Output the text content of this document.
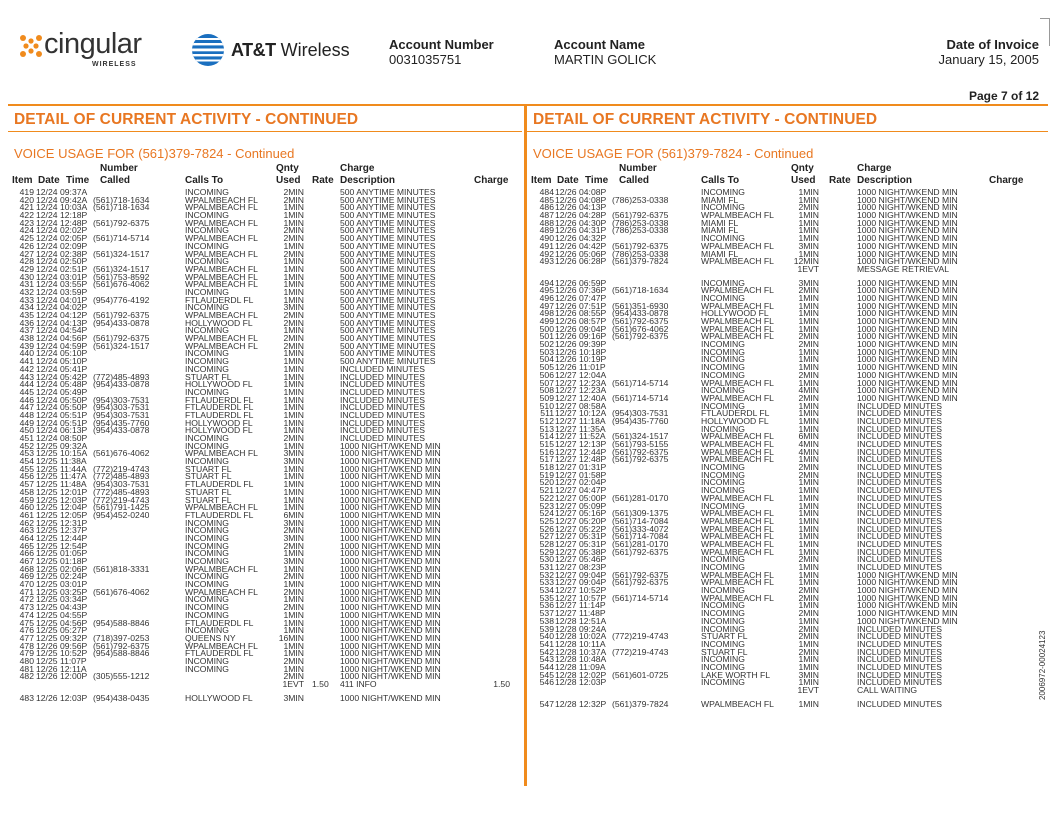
cingular
WIRELESS
AT&T Wireless	Account Number
0031035751
Account Name
MARTIN GOLICK
Date of Invoice
January 15, 2005
Page 7 of 12
DETAIL OF CURRENT ACTIVITY - CONTINUED
VOICE USAGE FOR (561)379-7824 - Continued
Number	Qnty	Charge
Item Date Time Called	Calls To	Used Rate Description	Charge
419 12/24 09:37A	INCOMING	2MIN	500 ANYTIME MINUTES
420 12/24 09:42A (561)718-1634	WPALMBEACH FL	2MIN	500 ANYTIME MINUTES
421 12/24 10:03A (561)718-1634	WPALMBEACH FL	1MIN	500 ANYTIME MINUTES
422 12/24 12:18P	INCOMING	1MIN	500 ANYTIME MINUTES
423 12/24 12:48P (561)792-6375	WPALMBEACH FL	1MIN	500 ANYTIME MINUTES
424 12/24 02:02P	INCOMING	2MIN	500 ANYTIME MINUTES
425 12/24 02:05P (561)714-5714	WPALMBEACH FL	2MIN	500 ANYTIME MINUTES
426 12/24 02:09P	INCOMING	1MIN	500 ANYTIME MINUTES
427 12/24 02:38P (561)324-1517	WPALMBEACH FL	2MIN	500 ANYTIME MINUTES
428 12/24 02:50P	INCOMING	1MIN	500 ANYTIME MINUTES
429 12/24 02:51P (561)324-1517	WPALMBEACH FL	1MIN	500 ANYTIME MINUTES
430 12/24 03:01P (561)753-8592	WPALMBEACH FL	1MIN	500 ANYTIME MINUTES
431 12/24 03:55P (561)676-4062	WPALMBEACH FL	1MIN	500 ANYTIME MINUTES
432 12/24 03:59P	INCOMING	1MIN	500 ANYTIME MINUTES
433 12/24 04:01P (954)776-4192	FTLAUDERDL FL	1MIN	500 ANYTIME MINUTES
434 12/24 04:02P	INCOMING	3MIN	500 ANYTIME MINUTES
435 12/24 04:12P (561)792-6375	WPALMBEACH FL	2MIN	500 ANYTIME MINUTES
436 12/24 04:13P (954)433-0878	HOLLYWOOD FL	2MIN	500 ANYTIME MINUTES
437 12/24 04:54P	INCOMING	1MIN	500 ANYTIME MINUTES
438 12/24 04:56P (561)792-6375	WPALMBEACH FL	2MIN	500 ANYTIME MINUTES
439 12/24 04:59P (561)324-1517	WPALMBEACH FL	2MIN	500 ANYTIME MINUTES
440 12/24 05:10P	INCOMING	1MIN	500 ANYTIME MINUTES
441 12/24 05:10P	INCOMING	1MIN	500 ANYTIME MINUTES
442 12/24 05:41P	INCOMING	1MIN	INCLUDED MINUTES
443 12/24 05:42P (772)485-4893	STUART FL	1MIN	INCLUDED MINUTES
444 12/24 05:48P (954)433-0878	HOLLYWOOD FL	1MIN	INCLUDED MINUTES
445 12/24 05:49P	INCOMING	1MIN	INCLUDED MINUTES
446 12/24 05:50P (954)303-7531	FTLAUDERDL FL	1MIN	INCLUDED MINUTES
447 12/24 05:50P (954)303-7531	FTLAUDERDL FL	1MIN	INCLUDED MINUTES
448 12/24 05:51P (954)303-7531	FTLAUDERDL FL	1MIN	INCLUDED MINUTES
449 12/24 05:51P (954)435-7760	HOLLYWOOD FL	1MIN	INCLUDED MINUTES
450 12/24 06:13P (954)433-0878	HOLLYWOOD FL	1MIN	INCLUDED MINUTES
451 12/24 08:50P	INCOMING	2MIN	INCLUDED MINUTES
452 12/25 09:32A	INCOMING	1MIN	1000 NIGHT/WKEND MIN
453 12/25 10:15A (561)676-4062	WPALMBEACH FL	3MIN	1000 NIGHT/WKEND MIN
454 12/25 11:38A	INCOMING	3MIN	1000 NIGHT/WKEND MIN
455 12/25 11:44A (772)219-4743	STUART FL	1MIN	1000 NIGHT/WKEND MIN
456 12/25 11:47A (772)485-4893	STUART FL	1MIN	1000 NIGHT/WKEND MIN
457 12/25 11:48A (954)303-7531	FTLAUDERDL FL	1MIN	1000 NIGHT/WKEND MIN
458 12/25 12:01P (772)485-4893	STUART FL	1MIN	1000 NIGHT/WKEND MIN
459 12/25 12:03P (772)219-4743	STUART FL	1MIN	1000 NIGHT/WKEND MIN
460 12/25 12:04P (561)791-1425	WPALMBEACH FL	1MIN	1000 NIGHT/WKEND MIN
461 12/25 12:05P (954)452-0240	FTLAUDERDL FL	6MIN	1000 NIGHT/WKEND MIN
462 12/25 12:31P	INCOMING	3MIN	1000 NIGHT/WKEND MIN
463 12/25 12:37P	INCOMING	2MIN	1000 NIGHT/WKEND MIN
464 12/25 12:44P	INCOMING	3MIN	1000 NIGHT/WKEND MIN
465 12/25 12:54P	INCOMING	2MIN	1000 NIGHT/WKEND MIN
466 12/25 01:05P	INCOMING	1MIN	1000 NIGHT/WKEND MIN
467 12/25 01:18P	INCOMING	3MIN	1000 NIGHT/WKEND MIN
468 12/25 02:06P (561)818-3331	WPALMBEACH FL	1MIN	1000 NIGHT/WKEND MIN
469 12/25 02:24P	INCOMING	2MIN	1000 NIGHT/WKEND MIN
470 12/25 03:01P	INCOMING	1MIN	1000 NIGHT/WKEND MIN
471 12/25 03:25P (561)676-4062	WPALMBEACH FL	2MIN	1000 NIGHT/WKEND MIN
472 12/25 03:34P	INCOMING	1MIN	1000 NIGHT/WKEND MIN
473 12/25 04:43P	INCOMING	2MIN	1000 NIGHT/WKEND MIN
474 12/25 04:55P	INCOMING	1MIN	1000 NIGHT/WKEND MIN
475 12/25 04:56P (954)588-8846	FTLAUDERDL FL	1MIN	1000 NIGHT/WKEND MIN
476 12/25 05:27P	INCOMING	1MIN	1000 NIGHT/WKEND MIN
477 12/25 09:32P (718)397-0253	QUEENS NY	16MIN	1000 NIGHT/WKEND MIN
478 12/26 09:56P (561)792-6375	WPALMBEACH FL	1MIN	1000 NIGHT/WKEND MIN
479 12/25 10:52P (954)588-8846	FTLAUDERDL FL	1MIN	1000 NIGHT/WKEND MIN
480 12/25 11:07P	INCOMING	2MIN	1000 NIGHT/WKEND MIN
481 12/26 12:11A	INCOMING	1MIN	1000 NIGHT/WKEND MIN
482 12/26 12:00P (305)555-1212	2MIN	1000 NIGHT/WKEND MIN
1EVT 1.50 411 INFO	1.50
483 12/26 12:03P (954)438-0435	HOLLYWOOD FL	3MIN	1000 NIGHT/WKEND MIN
DETAIL OF CURRENT ACTIVITY - CONTINUED
VOICE USAGE FOR (561)379-7824 - Continued
Number	Qnty	Charge
Item Date Time Called	Calls To	Used Rate Description	Charge
484 12/26 04:08P	INCOMING	1MIN	1000 NIGHT/WKEND MIN
485 12/26 04:08P (786)253-0338	MIAMI FL	1MIN	1000 NIGHT/WKEND MIN
486 12/26 04:13P	INCOMING	2MIN	1000 NIGHT/WKEND MIN
487 12/26 04:28P (561)792-6375	WPALMBEACH FL	1MIN	1000 NIGHT/WKEND MIN
488 12/26 04:30P (786)253-0338	MIAMI FL	1MIN	1000 NIGHT/WKEND MIN
489 12/26 04:31P (786)253-0338	MIAMI FL	1MIN	1000 NIGHT/WKEND MIN
490 12/26 04:32P	INCOMING	1MIN	1000 NIGHT/WKEND MIN
491 12/26 04:42P (561)792-6375	WPALMBEACH FL	3MIN	1000 NIGHT/WKEND MIN
492 12/26 05:06P (786)253-0338	MIAMI FL	1MIN	1000 NIGHT/WKEND MIN
493 12/26 06:28P (561)379-7824	WPALMBEACH FL 12MIN	1000 NIGHT/WKEND MIN
1EVT	MESSAGE RETRIEVAL
494 12/26 06:59P	INCOMING	3MIN	1000 NIGHT/WKEND MIN
495 12/26 07:36P (561)718-1634	WPALMBEACH FL	2MIN	1000 NIGHT/WKEND MIN
496 12/26 07:47P	INCOMING	1MIN	1000 NIGHT/WKEND MIN
497 12/26 07:51P (561)351-6930	WPALMBEACH FL	1MIN	1000 NIGHT/WKEND MIN
498 12/26 08:55P (954)433-0878	HOLLYWOOD FL	1MIN	1000 NIGHT/WKEND MIN
499 12/26 08:57P (561)792-6375	WPALMBEACH FL	1MIN	1000 NIGHT/WKEND MIN
500 12/26 09:04P (561)676-4062	WPALMBEACH FL	1MIN	1000 NIGHT/WKEND MIN
501 12/26 09:16P (561)792-6375	WPALMBEACH FL	2MIN	1000 NIGHT/WKEND MIN
502 12/26 09:39P	INCOMING	2MIN	1000 NIGHT/WKEND MIN
503 12/26 10:18P	INCOMING	1MIN	1000 NIGHT/WKEND MIN
504 12/26 10:19P	INCOMING	1MIN	1000 NIGHT/WKEND MIN
505 12/26 11:01P	INCOMING	1MIN	1000 NIGHT/WKEND MIN
506 12/27 12:04A	INCOMING	2MIN	1000 NIGHT/WKEND MIN
507 12/27 12:23A (561)714-5714	WPALMBEACH FL	1MIN	1000 NIGHT/WKEND MIN
508 12/27 12:23A	INCOMING	4MIN	1000 NIGHT/WKEND MIN
509 12/27 12:40A (561)714-5714	WPALMBEACH FL	2MIN	1000 NIGHT/WKEND MIN
510 12/27 08:58A	INCOMING	1MIN	INCLUDED MINUTES
511 12/27 10:12A (954)303-7531	FTLAUDERDL FL	1MIN	INCLUDED MINUTES
512 12/27 11:18A (954)435-7760	HOLLYWOOD FL	1MIN	INCLUDED MINUTES
513 12/27 11:35A	INCOMING	1MIN	INCLUDED MINUTES
514 12/27 11:52A (561)324-1517	WPALMBEACH FL	6MIN	INCLUDED MINUTES
515 12/27 12:13P (561)793-5155	WPALMBEACH FL	4MIN	INCLUDED MINUTES
516 12/27 12:44P (561)792-6375	WPALMBEACH FL	4MIN	INCLUDED MINUTES
517 12/27 12:48P (561)792-6375	WPALMBEACH FL	1MIN	INCLUDED MINUTES
518 12/27 01:31P	INCOMING	2MIN	INCLUDED MINUTES
519 12/27 01:58P	INCOMING	2MIN	INCLUDED MINUTES
520 12/27 02:04P	INCOMING	1MIN	INCLUDED MINUTES
521 12/27 04:47P	INCOMING	1MIN	INCLUDED MINUTES
522 12/27 05:00P (561)281-0170	WPALMBEACH FL	1MIN	INCLUDED MINUTES
523 12/27 05:09P	INCOMING	1MIN	INCLUDED MINUTES
524 12/27 05:16P (561)309-1375	WPALMBEACH FL	1MIN	INCLUDED MINUTES
525 12/27 05:20P (561)714-7084	WPALMBEACH FL	1MIN	INCLUDED MINUTES
526 12/27 05:22P (561)333-4072	WPALMBEACH FL	1MIN	INCLUDED MINUTES
527 12/27 05:31P (561)714-7084	WPALMBEACH FL	1MIN	INCLUDED MINUTES
528 12/27 05:31P (561)281-0170	WPALMBEACH FL	1MIN	INCLUDED MINUTES
529 12/27 05:38P (561)792-6375	WPALMBEACH FL	1MIN	INCLUDED MINUTES
530 12/27 05:46P	INCOMING	2MIN	INCLUDED MINUTES
531 12/27 08:23P	INCOMING	1MIN	INCLUDED MINUTES
532 12/27 09:04P (561)792-6375	WPALMBEACH FL	1MIN	1000 NIGHT/WKEND MIN
533 12/27 09:04P (561)792-6375	WPALMBEACH FL	1MIN	1000 NIGHT/WKEND MIN
534 12/27 10:52P	INCOMING	2MIN	1000 NIGHT/WKEND MIN
535 12/27 10:57P (561)714-5714	WPALMBEACH FL	2MIN	1000 NIGHT/WKEND MIN
536 12/27 11:14P	INCOMING	1MIN	1000 NIGHT/WKEND MIN
537 12/27 11:48P	INCOMING	2MIN	1000 NIGHT/WKEND MIN
538 12/28 12:51A	INCOMING	1MIN	1000 NIGHT/WKEND MIN
539 12/28 09:24A	INCOMING	2MIN	INCLUDED MINUTES
540 12/28 10:02A (772)219-4743	STUART FL	2MIN	INCLUDED MINUTES
541 12/28 10:11A	INCOMING	1MIN	INCLUDED MINUTES
542 12/28 10:37A (772)219-4743	STUART FL	2MIN	INCLUDED MINUTES
543 12/28 10:48A	INCOMING	1MIN	INCLUDED MINUTES
544 12/28 11:09A	INCOMING	1MIN	INCLUDED MINUTES
545 12/28 12:02P (561)601-0725	LAKE WORTH FL	3MIN	INCLUDED MINUTES
546 12/28 12:03P	INCOMING	1MIN	INCLUDED MINUTES
1EVT	CALL WAITING
547 12/28 12:32P (561)379-7824	WPALMBEACH FL	1MIN	INCLUDED MINUTES
2006972-00024123
